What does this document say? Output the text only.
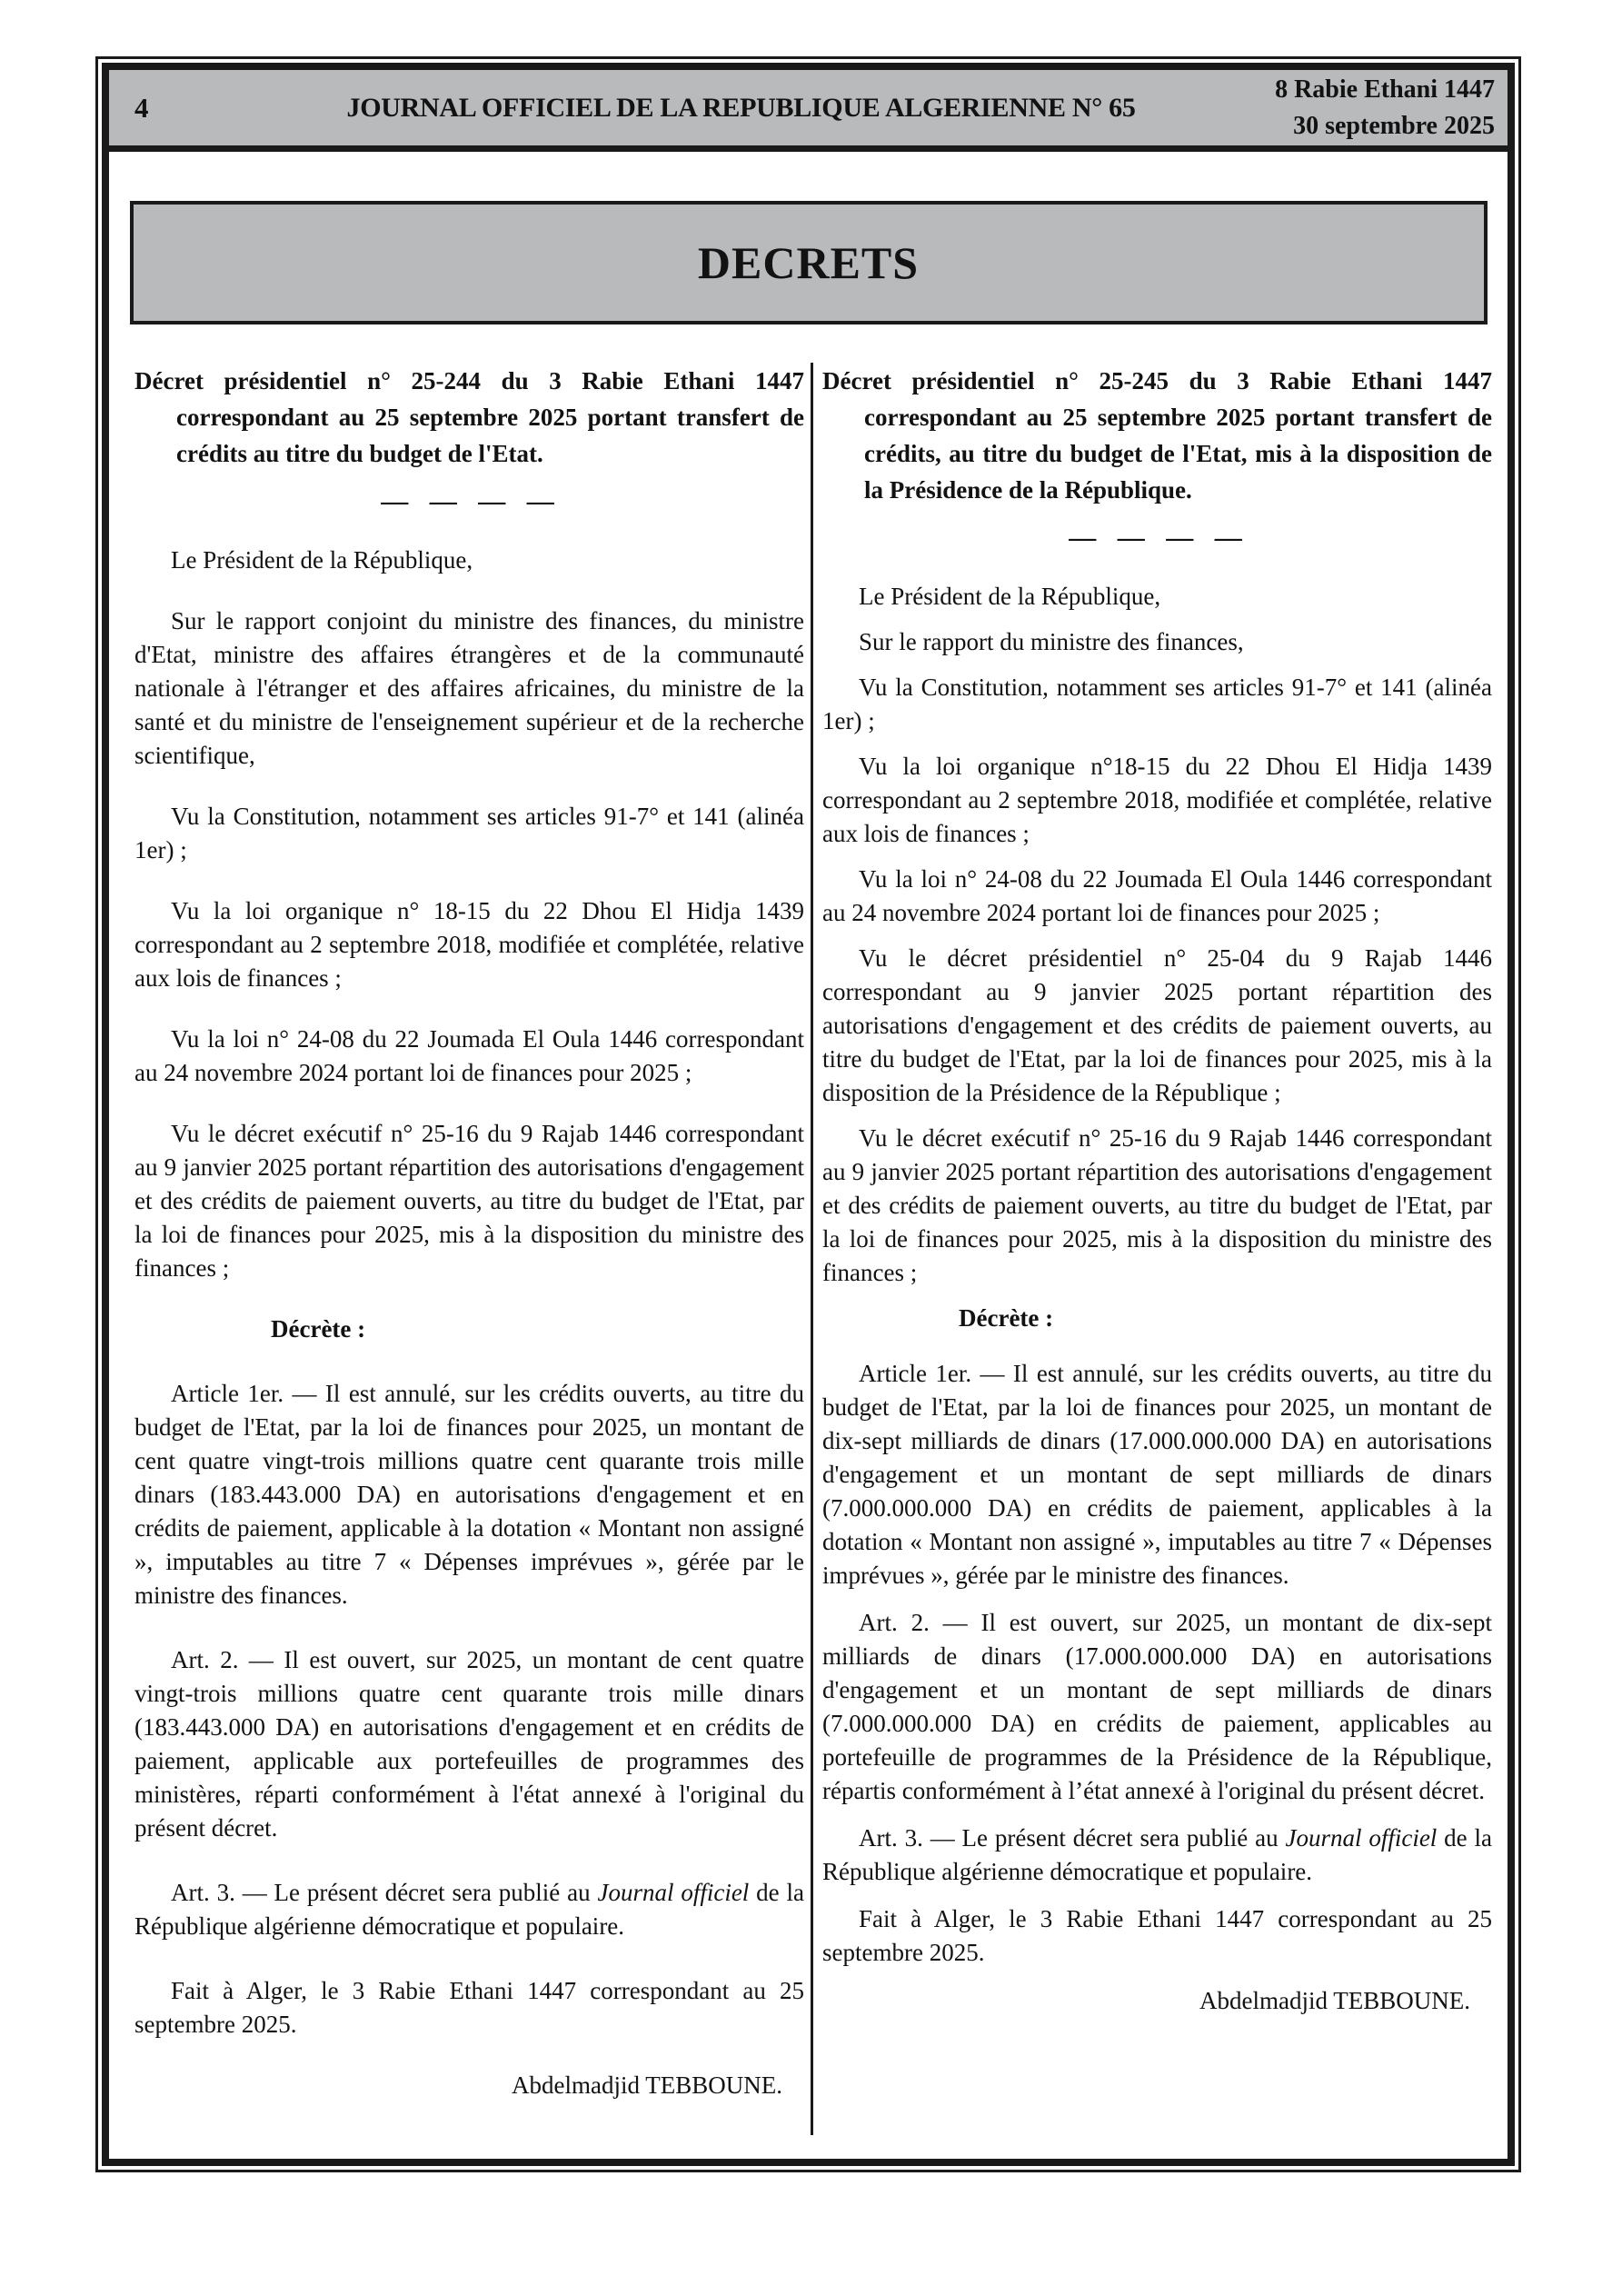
4	JOURNAL OFFICIEL DE LA REPUBLIQUE ALGERIENNE N° 65
8 Rabie Ethani 1447
30 septembre 2025
DECRETS

Décret présidentiel n° 25-244 du 3 Rabie Ethani 1447 correspondant au 25 septembre 2025 portant transfert de crédits au titre du budget de l'Etat.

— — — —

Le Président de la République,

Sur le rapport conjoint du ministre des finances, du ministre d'Etat, ministre des affaires étrangères et de la communauté nationale à l'étranger et des affaires africaines, du ministre de la santé et du ministre de l'enseignement supérieur et de la recherche scientifique,

Vu la Constitution, notamment ses articles 91-7° et 141 (alinéa 1er) ;

Vu la loi organique n° 18-15 du 22 Dhou El Hidja 1439 correspondant au 2 septembre 2018, modifiée et complétée, relative aux lois de finances ;

Vu la loi n° 24-08 du 22 Joumada El Oula 1446 correspondant au 24 novembre 2024 portant loi de finances pour 2025 ;

Vu le décret exécutif n° 25-16 du 9 Rajab 1446 correspondant au 9 janvier 2025 portant répartition des autorisations d'engagement et des crédits de paiement ouverts, au titre du budget de l'Etat, par la loi de finances pour 2025, mis à la disposition du ministre des finances ;

Décrète :

Article 1er. — Il est annulé, sur les crédits ouverts, au titre du budget de l'Etat, par la loi de finances pour 2025, un montant de cent quatre vingt-trois millions quatre cent quarante trois mille dinars (183.443.000 DA) en autorisations d'engagement et en crédits de paiement, applicable à la dotation « Montant non assigné », imputables au titre 7 « Dépenses imprévues », gérée par le ministre des finances.

Art. 2. — Il est ouvert, sur 2025, un montant de cent quatre vingt-trois millions quatre cent quarante trois mille dinars (183.443.000 DA) en autorisations d'engagement et en crédits de paiement, applicable aux portefeuilles de programmes des ministères, réparti conformément à l'état annexé à l'original du présent décret.

Art. 3. — Le présent décret sera publié au Journal officiel de la République algérienne démocratique et populaire.

Fait à Alger, le 3 Rabie Ethani 1447 correspondant au 25 septembre 2025.

Abdelmadjid TEBBOUNE.

Décret présidentiel n° 25-245 du 3 Rabie Ethani 1447 correspondant au 25 septembre 2025 portant transfert de crédits, au titre du budget de l'Etat, mis à la disposition de la Présidence de la République.

— — — —

Le Président de la République,

Sur le rapport du ministre des finances,

Vu la Constitution, notamment ses articles 91-7° et 141 (alinéa 1er) ;

Vu la loi organique n°18-15 du 22 Dhou El Hidja 1439 correspondant au 2 septembre 2018, modifiée et complétée, relative aux lois de finances ;

Vu la loi n° 24-08 du 22 Joumada El Oula 1446 correspondant au 24 novembre 2024 portant loi de finances pour 2025 ;

Vu le décret présidentiel n° 25-04 du 9 Rajab 1446 correspondant au 9 janvier 2025 portant répartition des autorisations d'engagement et des crédits de paiement ouverts, au titre du budget de l'Etat, par la loi de finances pour 2025, mis à la disposition de la Présidence de la République ;

Vu le décret exécutif n° 25-16 du 9 Rajab 1446 correspondant au 9 janvier 2025 portant répartition des autorisations d'engagement et des crédits de paiement ouverts, au titre du budget de l'Etat, par la loi de finances pour 2025, mis à la disposition du ministre des finances ;

Décrète :

Article 1er. — Il est annulé, sur les crédits ouverts, au titre du budget de l'Etat, par la loi de finances pour 2025, un montant de dix-sept milliards de dinars (17.000.000.000 DA) en autorisations d'engagement et un montant de sept milliards de dinars (7.000.000.000 DA) en crédits de paiement, applicables à la dotation « Montant non assigné », imputables au titre 7 « Dépenses imprévues », gérée par le ministre des finances.

Art. 2. — Il est ouvert, sur 2025, un montant de dix-sept milliards de dinars (17.000.000.000 DA) en autorisations d'engagement et un montant de sept milliards de dinars (7.000.000.000 DA) en crédits de paiement, applicables au portefeuille de programmes de la Présidence de la République, répartis conformément à l’état annexé à l'original du présent décret.

Art. 3. — Le présent décret sera publié au Journal officiel de la République algérienne démocratique et populaire.

Fait à Alger, le 3 Rabie Ethani 1447 correspondant au 25 septembre 2025.

Abdelmadjid TEBBOUNE.
